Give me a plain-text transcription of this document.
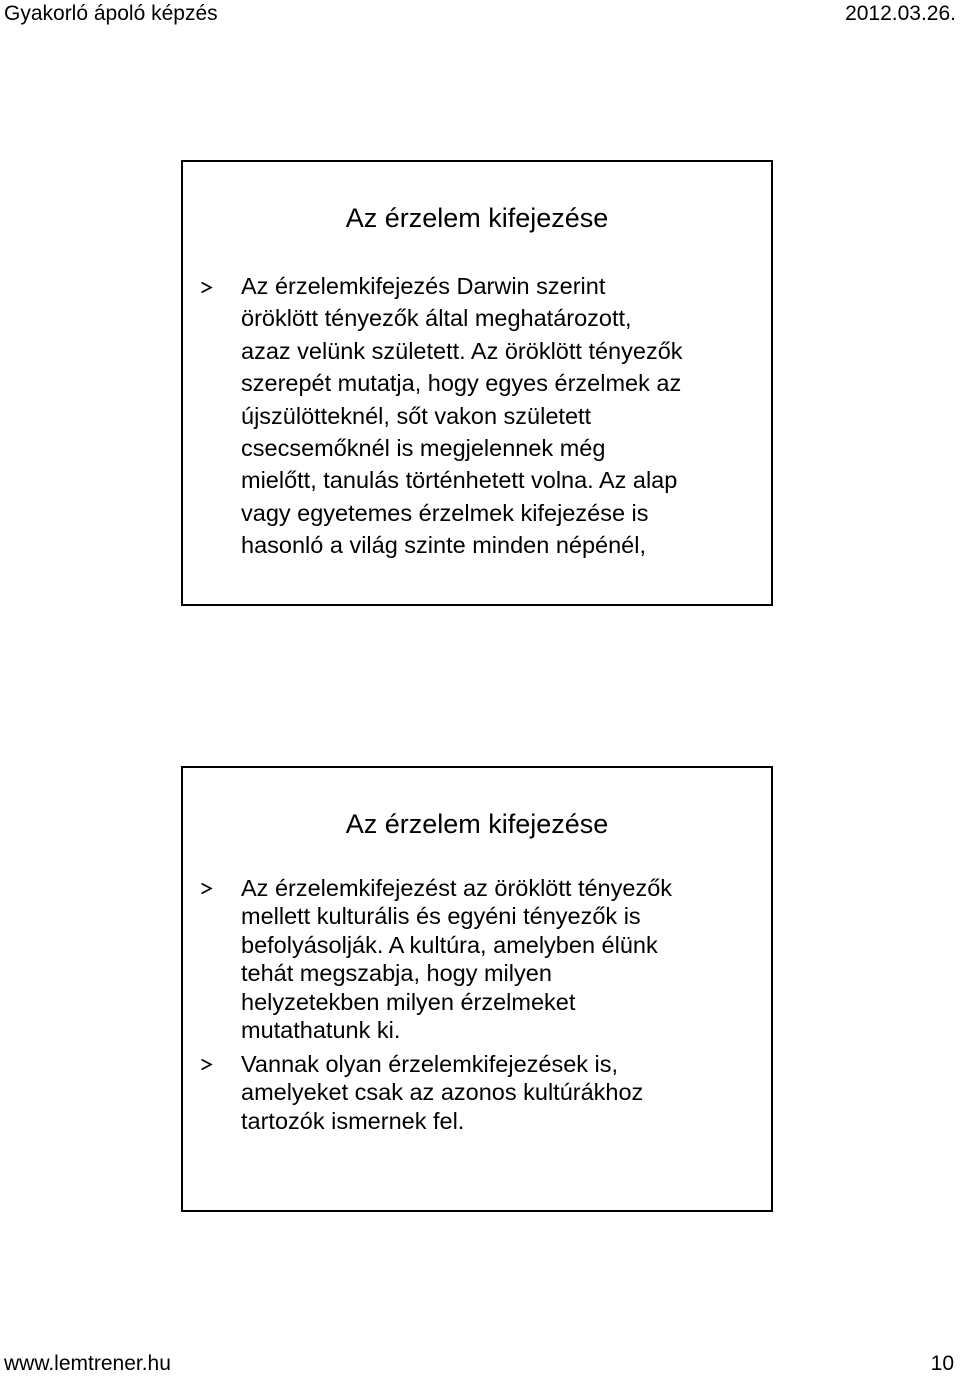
Gyakorló ápoló képzés	2012.03.26.
Az érzelem kifejezése
Az érzelemkifejezés Darwin szerint
öröklött tényezők által meghatározott,
azaz velünk született. Az öröklött tényezők
szerepét mutatja, hogy egyes érzelmek az
újszülötteknél, sőt vakon született
csecsemőknél is megjelennek még
mielőtt, tanulás történhetett volna. Az alap
vagy egyetemes érzelmek kifejezése is
hasonló a világ szinte minden népénél,
Az érzelem kifejezése
Az érzelemkifejezést az öröklött tényezők
mellett kulturális és egyéni tényezők is
befolyásolják. A kultúra, amelyben élünk
tehát megszabja, hogy milyen
helyzetekben milyen érzelmeket
mutathatunk ki.
Vannak olyan érzelemkifejezések is,
amelyeket csak az azonos kultúrákhoz
tartozók ismernek fel.
www.lemtrener.hu	10
